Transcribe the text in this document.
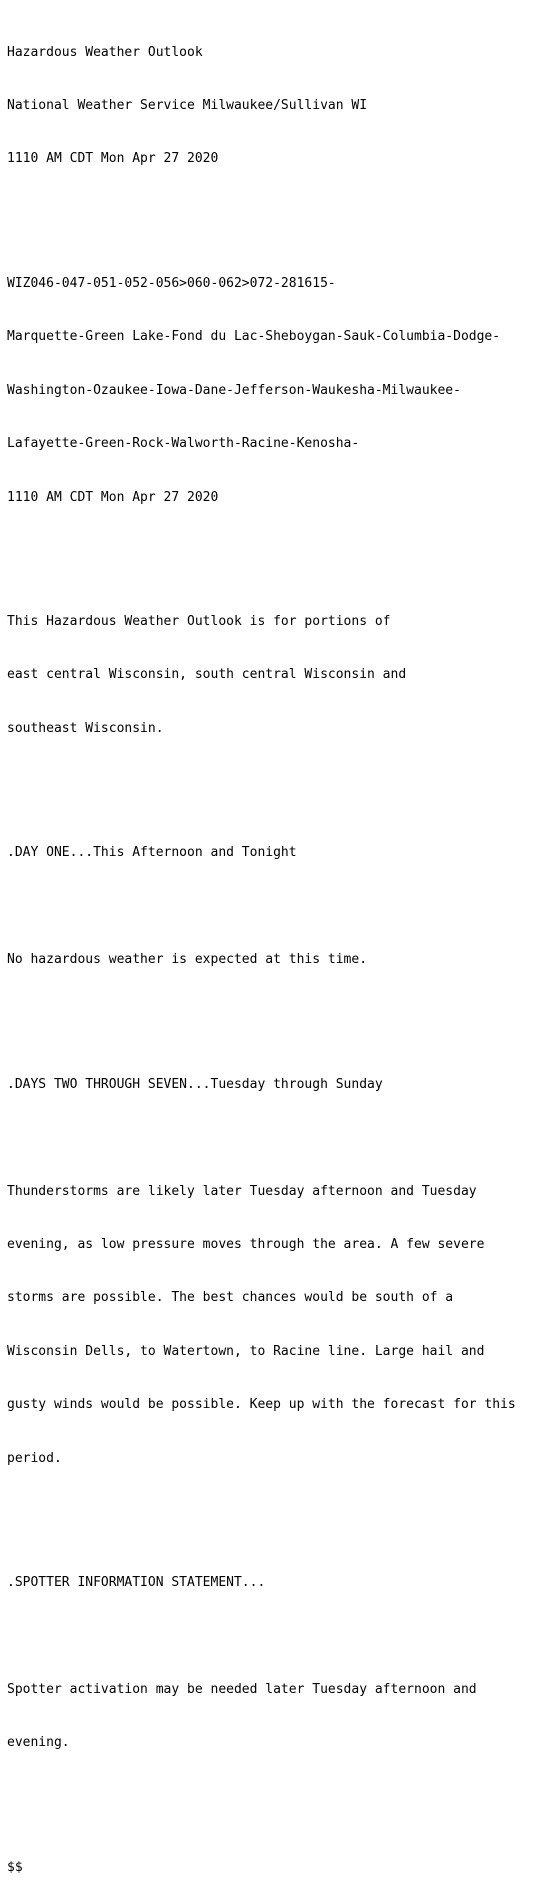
Hazardous Weather Outlook

National Weather Service Milwaukee/Sullivan WI

1110 AM CDT Mon Apr 27 2020

WIZ046-047-051-052-056>060-062>072-281615-

Marquette-Green Lake-Fond du Lac-Sheboygan-Sauk-Columbia-Dodge-

Washington-Ozaukee-Iowa-Dane-Jefferson-Waukesha-Milwaukee-

Lafayette-Green-Rock-Walworth-Racine-Kenosha-

1110 AM CDT Mon Apr 27 2020

This Hazardous Weather Outlook is for portions of

east central Wisconsin, south central Wisconsin and

southeast Wisconsin.

.DAY ONE...This Afternoon and Tonight

No hazardous weather is expected at this time.

.DAYS TWO THROUGH SEVEN...Tuesday through Sunday

Thunderstorms are likely later Tuesday afternoon and Tuesday

evening, as low pressure moves through the area. A few severe

storms are possible. The best chances would be south of a

Wisconsin Dells, to Watertown, to Racine line. Large hail and

gusty winds would be possible. Keep up with the forecast for this

period.

.SPOTTER INFORMATION STATEMENT...

Spotter activation may be needed later Tuesday afternoon and

evening.

$$
